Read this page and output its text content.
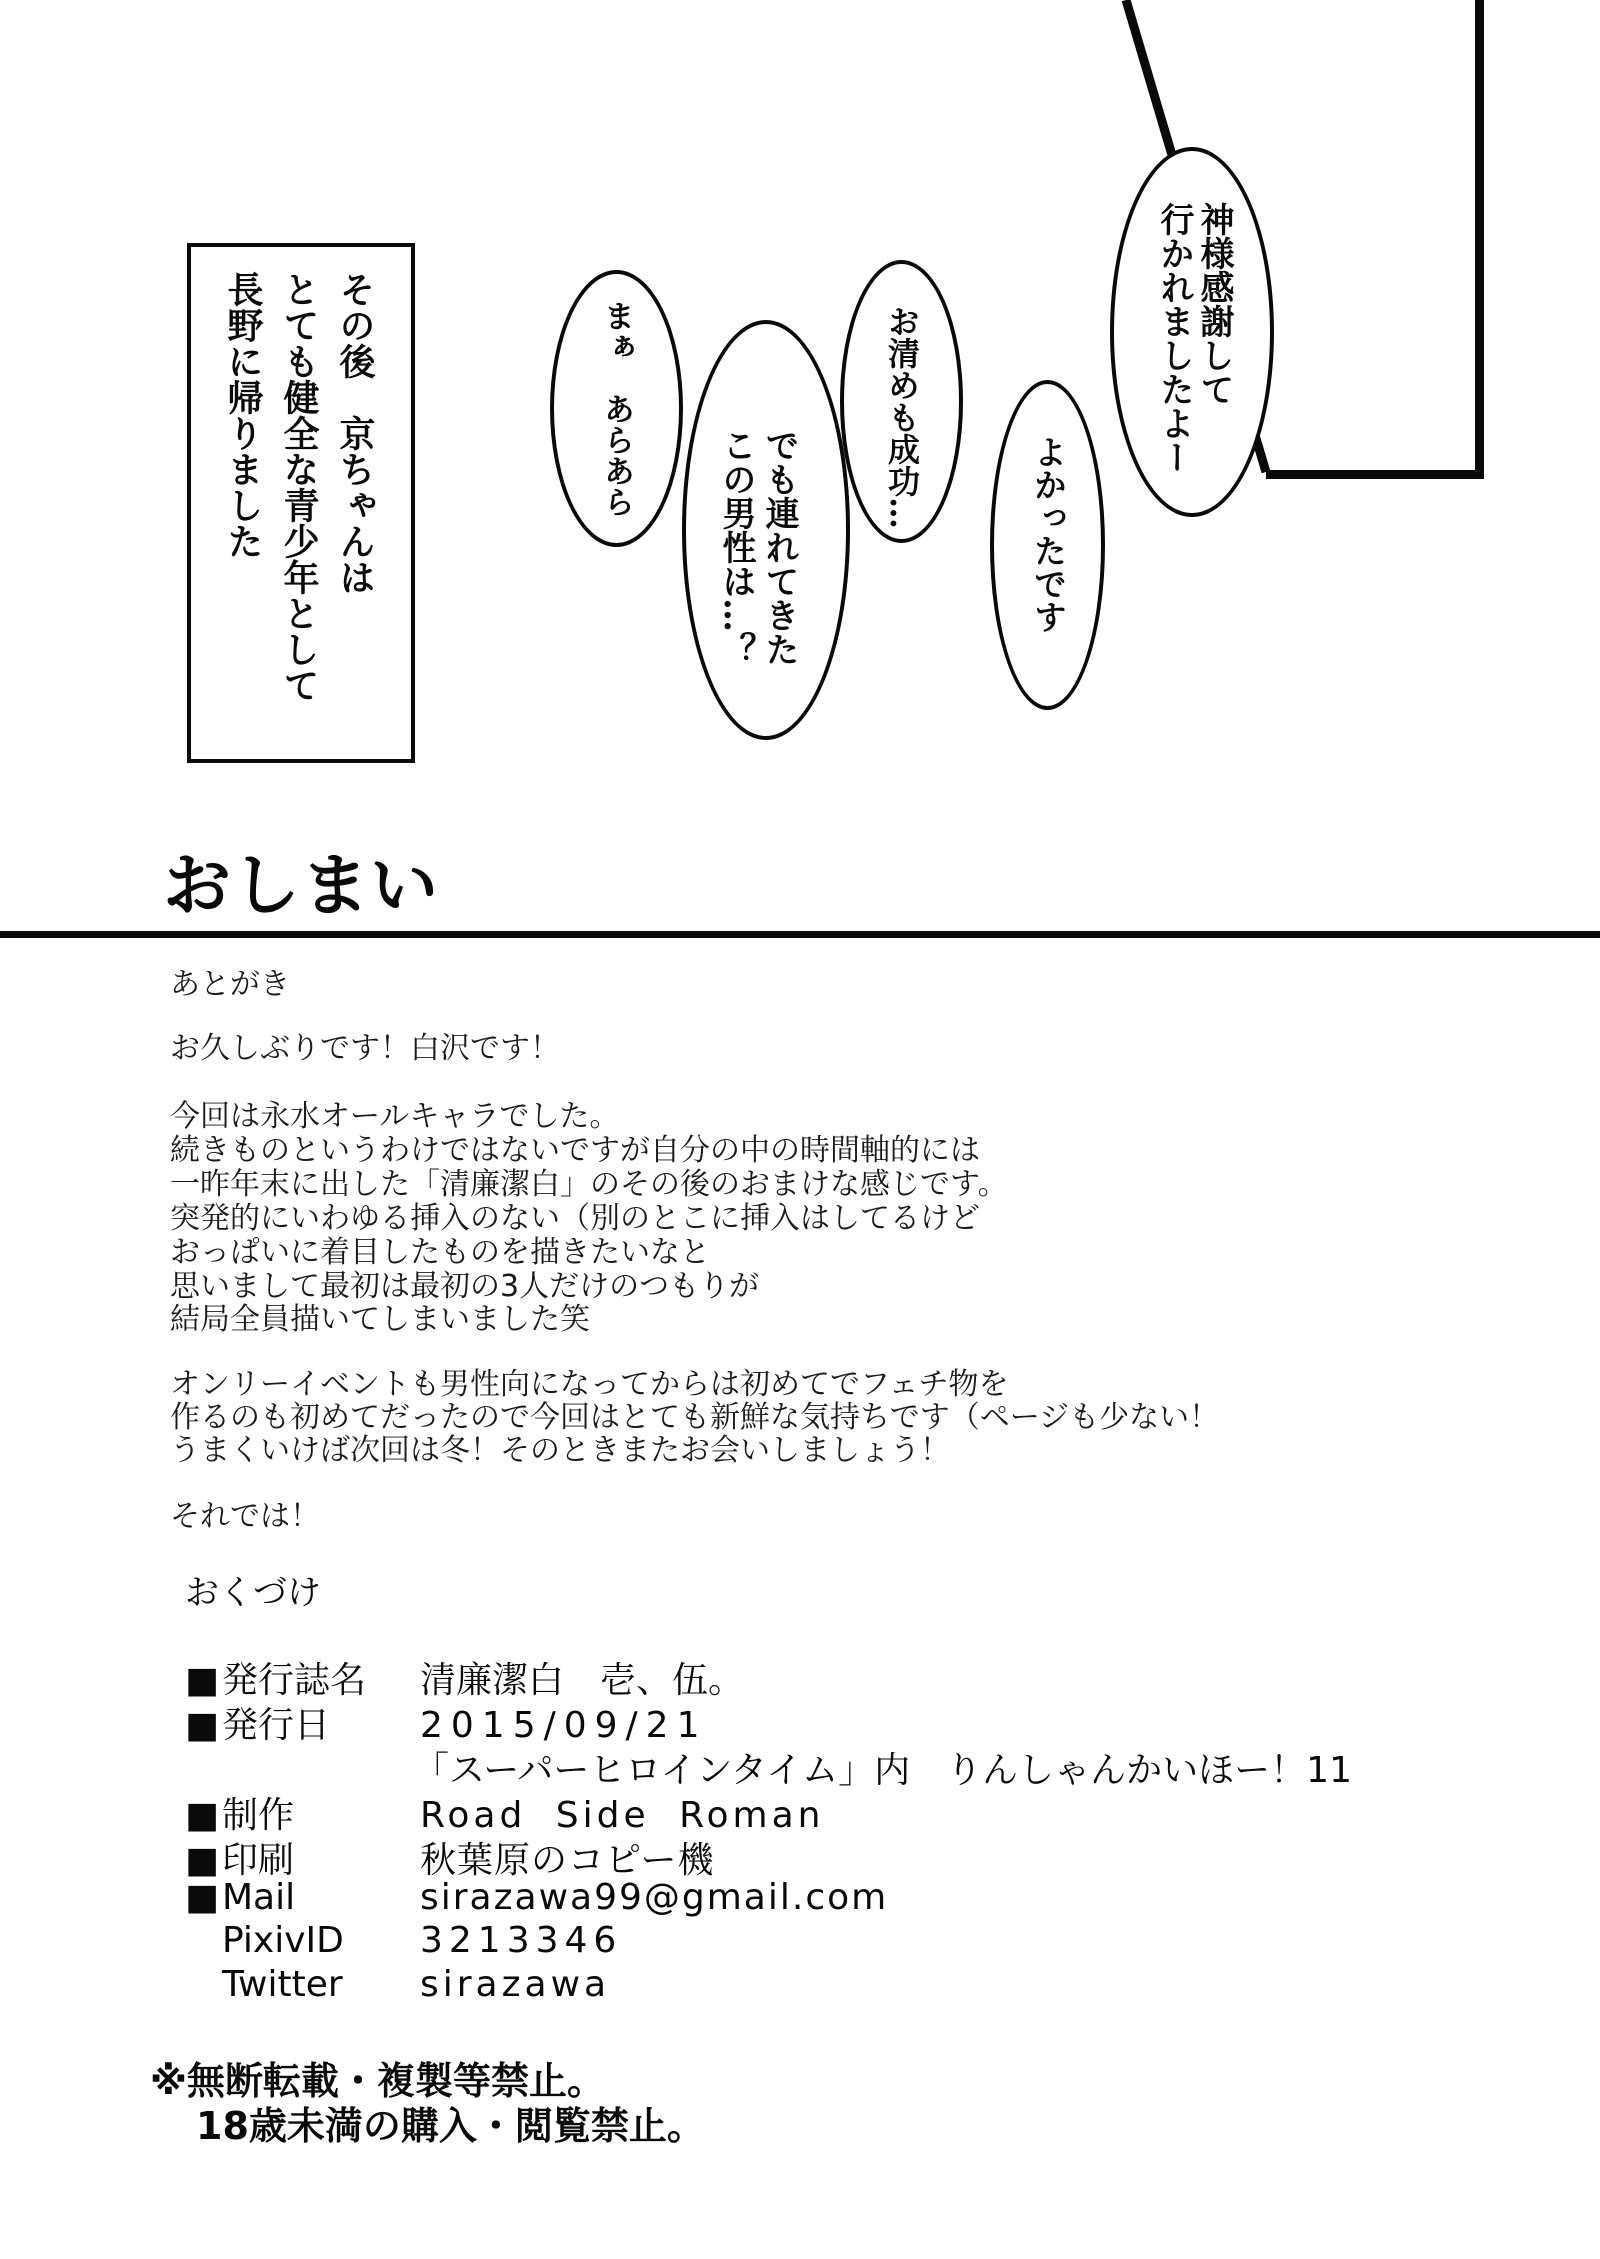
神様感謝して
行かれましたよー
よかったです
お清めも成功…
でも連れてきた
この男性は…？
まぁ　あらあら
その後　京ちゃんは
とても健全な青少年として
長野に帰りました
おしまい
あとがき
お久しぶりです！白沢です！
今回は永水オールキャラでした。
続きものというわけではないですが自分の中の時間軸的には
一昨年末に出した「清廉潔白」のその後のおまけな感じです。
突発的にいわゆる挿入のない（別のとこに挿入はしてるけど
おっぱいに着目したものを描きたいなと
思いまして最初は最初の3人だけのつもりが
結局全員描いてしまいました笑
オンリーイベントも男性向になってからは初めてでフェチ物を
作るのも初めてだったので今回はとても新鮮な気持ちです（ページも少ない！
うまくいけば次回は冬！そのときまたお会いしましょう！
それでは！
おくづけ
■発行誌名 清廉潔白　壱、伍。
■発行日 2015/09/21
「スーパーヒロインタイム」内　りんしゃんかいほー！11
■制作	Road Side Roman
■印刷	秋葉原のコピー機
■Mail	sirazawa99@gmail.com
PixivID 3213346
Twitter sirazawa
※無断転載・複製等禁止。
18歳未満の購入・閲覧禁止。
